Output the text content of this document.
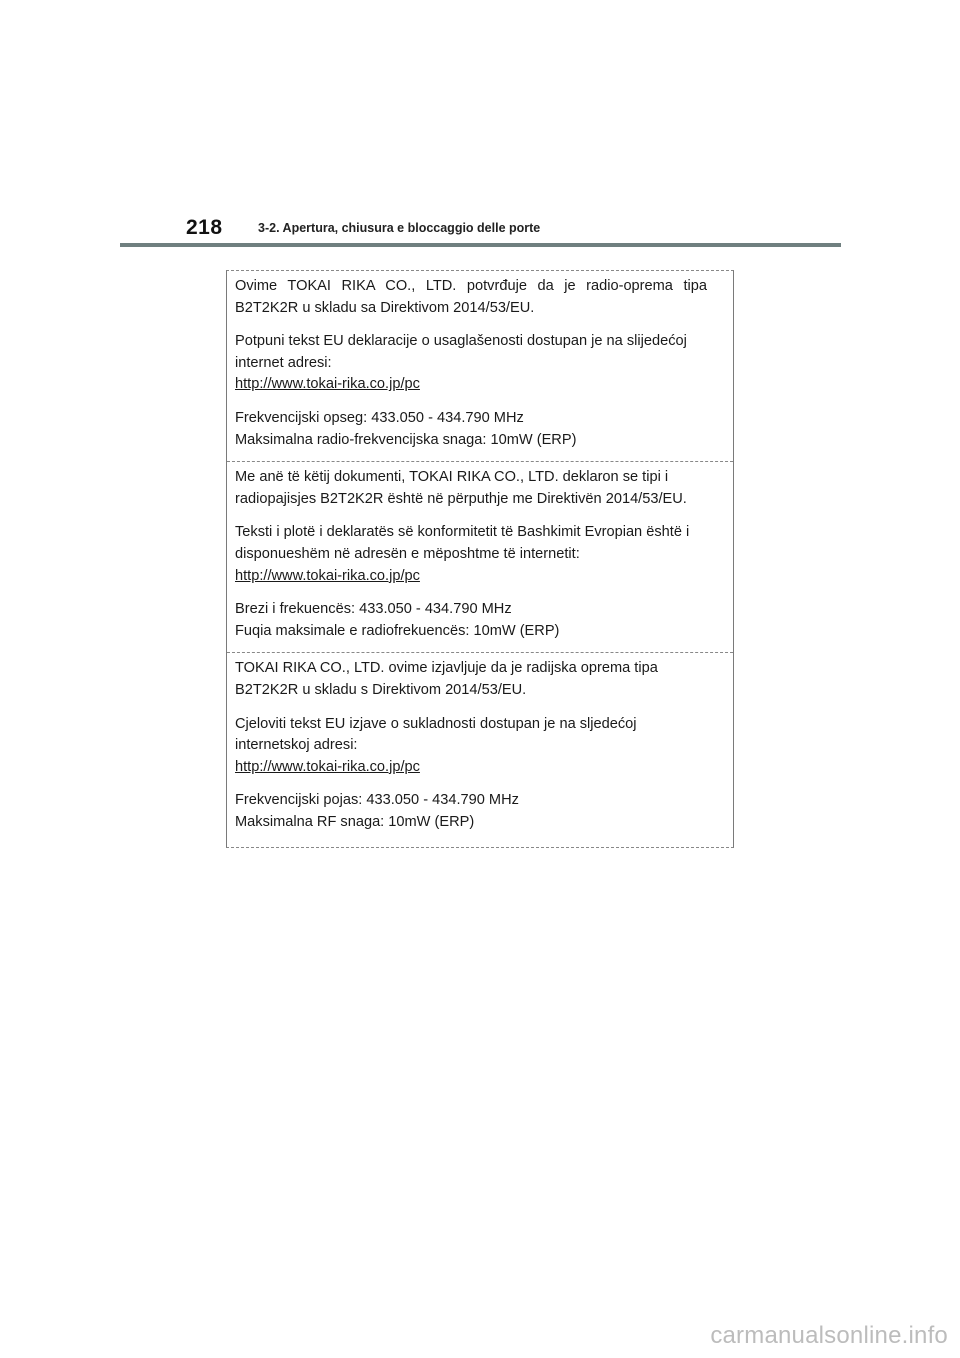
218	3-2. Apertura, chiusura e bloccaggio delle porte

Ovime TOKAI RIKA CO., LTD. potvrđuje da je radio-oprema tipa B2T2K2R u skladu sa Direktivom 2014/53/EU.

Potpuni tekst EU deklaracije o usaglašenosti dostupan je na slijedećoj internet adresi:
http://www.tokai-rika.co.jp/pc

Frekvencijski opseg: 433.050 - 434.790 MHz
Maksimalna radio-frekvencijska snaga: 10mW (ERP)

Me anë të këtij dokumenti, TOKAI RIKA CO., LTD. deklaron se tipi i radiopajisjes B2T2K2R është në përputhje me Direktivën 2014/53/EU.

Teksti i plotë i deklaratës së konformitetit të Bashkimit Evropian është i disponueshëm në adresën e mëposhtme të internetit:
http://www.tokai-rika.co.jp/pc

Brezi i frekuencës: 433.050 - 434.790 MHz
Fuqia maksimale e radiofrekuencës: 10mW (ERP)

TOKAI RIKA CO., LTD. ovime izjavljuje da je radijska oprema tipa B2T2K2R u skladu s Direktivom 2014/53/EU.

Cjeloviti tekst EU izjave o sukladnosti dostupan je na sljedećoj internetskoj adresi:
http://www.tokai-rika.co.jp/pc

Frekvencijski pojas: 433.050 - 434.790 MHz
Maksimalna RF snaga: 10mW (ERP)

carmanualsonline.info
